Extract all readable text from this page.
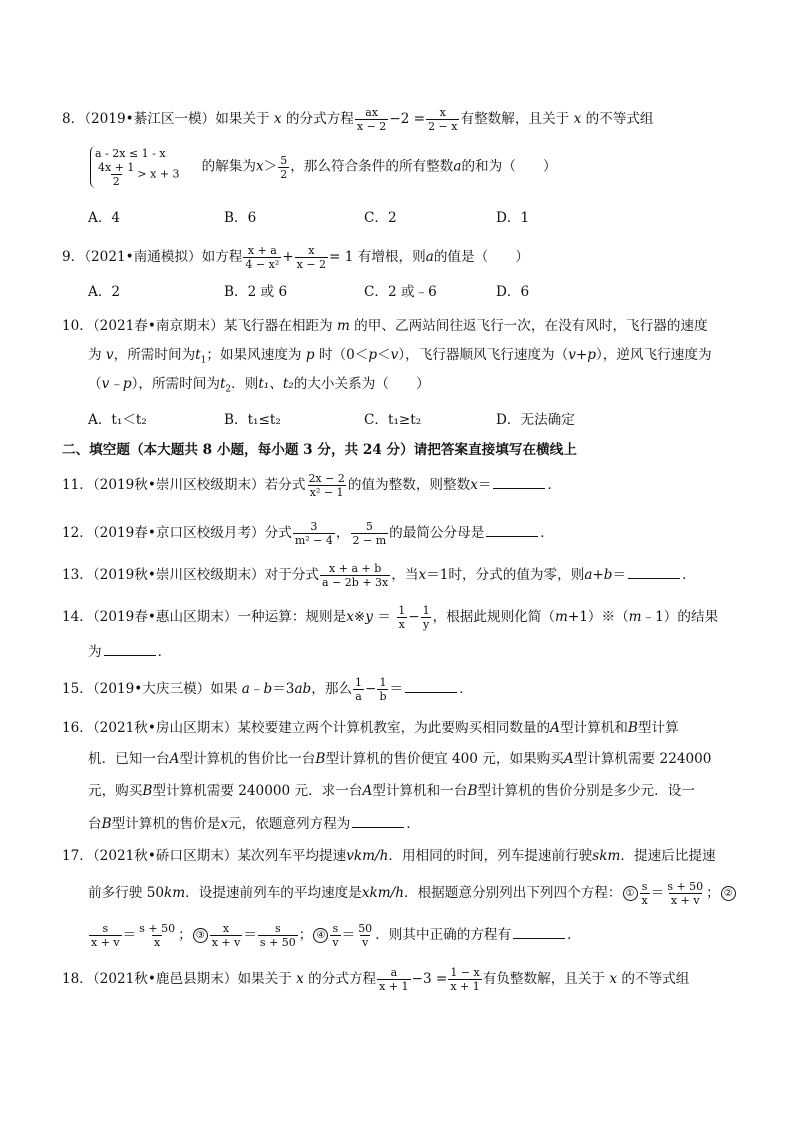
8．（2019•綦江区一模）如果关于 x 的分式方程 $\frac{ax}{x - 2} -2 = \frac{x}{2 - x}$ 有整数解，且关于 x 的不等式组
a - 2x ≤ 1 - x
$\frac{4x + 1}{2} > x + 3$ 的解集为$x> \frac{5}{2}$ ，那么符合条件的所有整数a的和为（　　）
A．4	B．6	C．2	D．1
9．（2021•南通模拟）如方程 $\frac{x + a}{\text{4 − x²}} + \frac{x}{x - 2} = 1$ 有增根，则a的值是（　　）
A．2	B．2 或 6	C．2 或﹣6	D．6
10．（2021春•南京期末）某飞行器在相距为 m 的甲、乙两站间往返飞行一次，在没有风时，飞行器的速度
为 v，所需时间为$t_1$；如果风速度为 p 时（0＜p＜v），飞行器顺风飞行速度为（v+p），逆风飞行速度为
（v﹣p），所需时间为$t_2$．则t₁、t₂的大小关系为（　　）
A．t₁＜t₂	B．t₁≤t₂	C．t₁≥t₂	D．无法确定
二、填空题（本大题共 8 小题，每小题 3 分，共 24 分）请把答案直接填写在横线上
11．（2019秋•崇川区校级期末）若分式 $\frac{2x - 2}{\text{x² − 1}}$ 的值为整数，则整数x＝	．
12．（2019春•京口区校级月考）分式 $\frac{3}{\text{m² − 4}}$ ， $\frac{5}{2 - m}$ 的最简公分母是	．
13．（2019秋•崇川区校级期末）对于分式 $\frac{x + a + b}{a - 2b + 3x}$ ，当x＝1时，分式的值为零，则a+b＝	．
14．（2019春•惠山区期末）一种运算：规则是x※y ＝ $\frac{1}{x} - \frac{1}{y}$ ，根据此规则化简（m+1）※（m﹣1）的结果
为	．
15．（2019•大庆三模）如果 a﹣b＝3ab，那么 $\frac{1}{a} - \frac{1}{b}$ ＝	．
16．（2021秋•房山区期末）某校要建立两个计算机教室，为此要购买相同数量的A型计算机和B型计算
机．已知一台A型计算机的售价比一台B型计算机的售价便宜 400 元，如果购买A型计算机需要 224000
元，购买B型计算机需要 240000 元．求一台A型计算机和一台B型计算机的售价分别是多少元．设一
台B型计算机的售价是x元，依题意列方程为	．
17．（2021秋•硚口区期末）某次列车平均提速vkm/h．用相同的时间，列车提速前行驶skm．提速后比提速
前多行驶 50km．设提速前列车的平均速度是xkm/h．根据题意分别列出下列四个方程： ① $\frac{s}{x} = \frac{s + 50}{x + v}$ ； ②
$\frac{s}{x + v} = \frac{s + 50}{x}$ ； ③ $\frac{x}{x + v} = \frac{s}{s + 50}$ ； ④ $\frac{s}{v} = \frac{50}{v}$ ．则其中正确的方程有	．
18．（2021秋•鹿邑县期末）如果关于 x 的分式方程 $\frac{a}{x + 1} -3 = \frac{1 - x}{x + 1}$ 有负整数解，且关于 x 的不等式组
